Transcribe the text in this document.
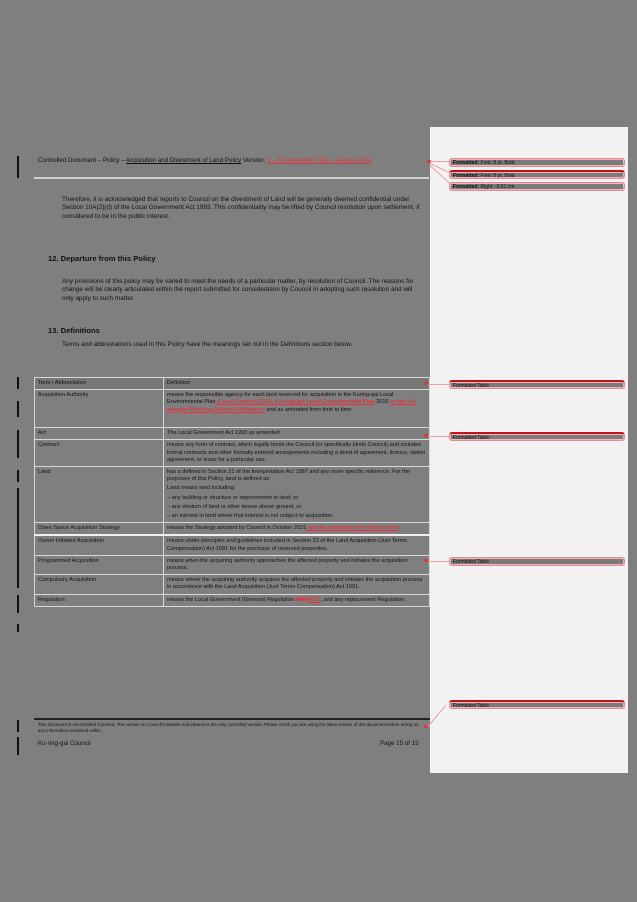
Controlled Document – Policy – Acquisition and Divestment of Land Policy Version: 1 – 30 November 2021 – August 2022
Therefore, it is acknowledged that reports to Council on the divestment of Land will be generally deemed confidential under Section 10A(2)(d) of the Local Government Act 1993. This confidentiality may be lifted by Council resolution upon settlement, if considered to be in the public interest.
12. Departure from this Policy
Any provisions of this policy may be varied to meet the needs of a particular matter, by resolution of Council. The reasons for change will be clearly articulated within the report submitted for consideration by Council in adopting such resolution and will only apply to such matter.
13. Definitions
Terms and abbreviations used in this Policy have the meanings set out in the Definitions section below.
Term / Abbreviation	Definition
Acquisition Authority	means the responsible agency for each land reserved for acquisition in the Kuring-gai Local Environmental Plan (Local Centres) 2012, Ku-ring-gai Local Environmental Plan 2015 or the Ku-ring-gai Planning Scheme Ordinance and as amended from time to time.
Act	The Local Government Act 1993 as amended.
Contract	means any form of contract, which legally binds the Council (or specifically binds Council) and includes formal contracts and other formally entered arrangements including a deed of agreement, licence, option agreement, or lease for a particular use.
Land	has a defined in Section 21 of the Interpretation Act 1987 and any more specific reference. For the purposes of this Policy, land is defined as:
Land means land including:
– any building or structure or improvement to land; or
– any stratum of land or other tenure above ground; or
– an interest in land where that interest is not subject to acquisition.

Open Space Acquisition Strategy	means the Strategy adopted by Council in October 2021 and as amended from time to time.
Owner Initiated Acquisition	means under principles and guidelines included in Section 23 of the Land Acquisition (Just Terms Compensation) Act 1991 for the purchase of reserved properties.
Programmed Acquisition	means when the acquiring authority approaches the affected property and initiates the acquisition process.
Compulsory Acquisition	means where the acquiring authority acquires the affected property and initiates the acquisition process in accordance with the Land Acquisition (Just Terms Compensation) Act 1991.
Regulation	means the Local Government (General) Regulation 20052021, and any replacement Regulation.
Formatted: Font: 8 pt, Bold
Formatted: Font: 8 pt, Bold
Formatted: Right: -0.01 cm
Formatted Table
Formatted Table
Formatted Table
Formatted Table
This document is uncontrolled if printed. The version on Council's website and intranet is the only controlled version. Please check you are using the latest version of this document before acting on any information contained within.
Ku-ring-gai Council	Page 15 of 15
